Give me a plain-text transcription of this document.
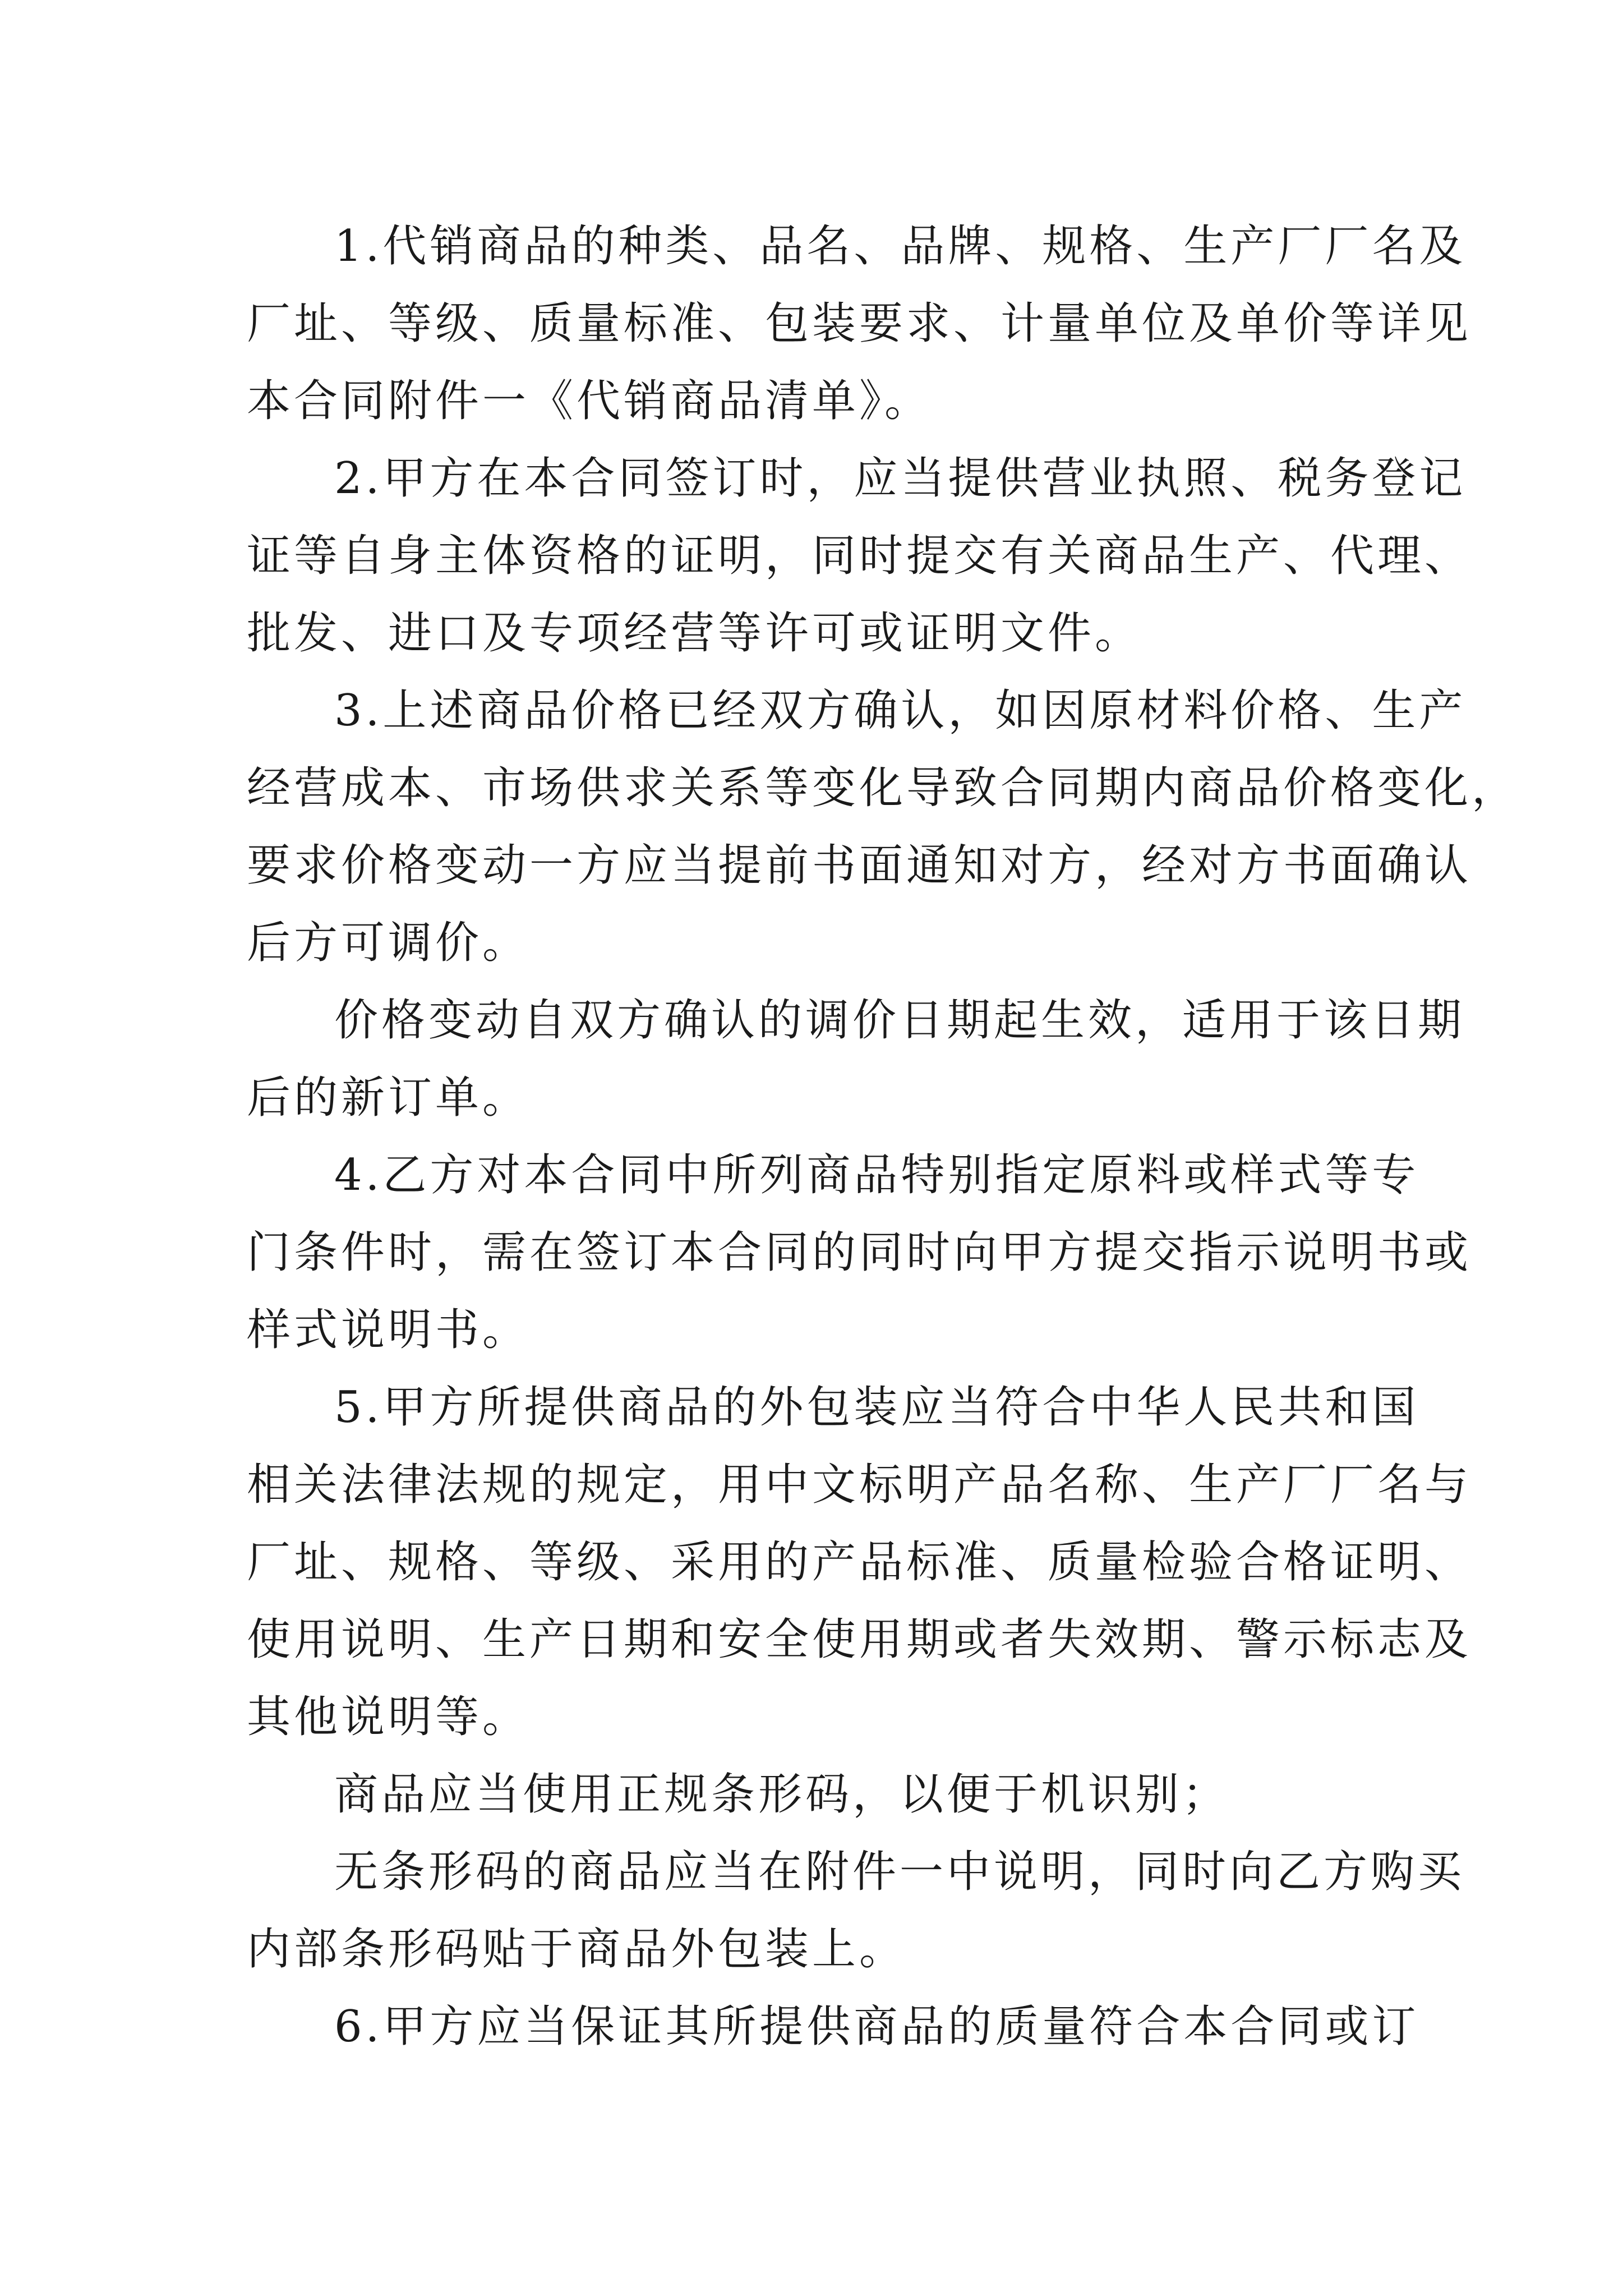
1.代销商品的种类、品名、品牌、规格、生产厂厂名及
厂址、等级、质量标准、包装要求、计量单位及单价等详见
本合同附件一《代销商品清单》。
2.甲方在本合同签订时，应当提供营业执照、税务登记
证等自身主体资格的证明，同时提交有关商品生产、代理、
批发、进口及专项经营等许可或证明文件。
3.上述商品价格已经双方确认，如因原材料价格、生产
经营成本、市场供求关系等变化导致合同期内商品价格变化，
要求价格变动一方应当提前书面通知对方，经对方书面确认
后方可调价。
价格变动自双方确认的调价日期起生效，适用于该日期
后的新订单。
4.乙方对本合同中所列商品特别指定原料或样式等专
门条件时，需在签订本合同的同时向甲方提交指示说明书或
样式说明书。
5.甲方所提供商品的外包装应当符合中华人民共和国
相关法律法规的规定，用中文标明产品名称、生产厂厂名与
厂址、规格、等级、采用的产品标准、质量检验合格证明、
使用说明、生产日期和安全使用期或者失效期、警示标志及
其他说明等。
商品应当使用正规条形码，以便于机识别；
无条形码的商品应当在附件一中说明，同时向乙方购买
内部条形码贴于商品外包装上。
6.甲方应当保证其所提供商品的质量符合本合同或订
